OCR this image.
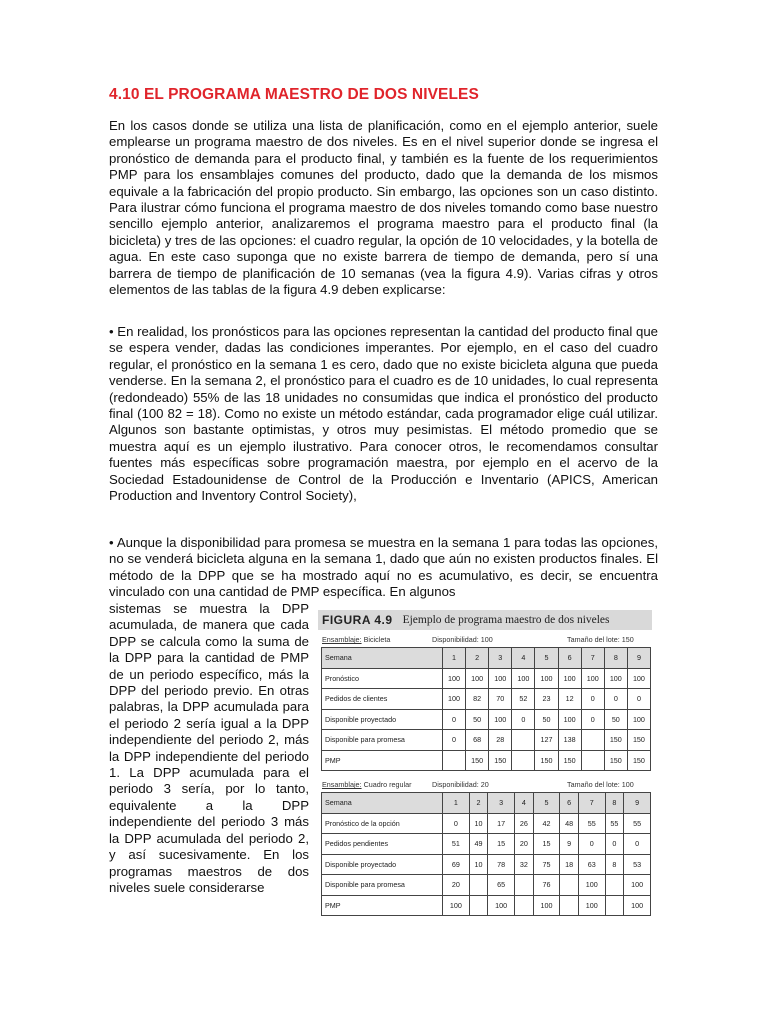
4.10 EL PROGRAMA MAESTRO DE DOS NIVELES

En los casos donde se utiliza una lista de planificación, como en el ejemplo anterior, suele emplearse un programa maestro de dos niveles. Es en el nivel superior donde se ingresa el pronóstico de demanda para el producto final, y también es la fuente de los requerimientos PMP para los ensamblajes comunes del producto, dado que la demanda de los mismos equivale a la fabricación del propio producto. Sin embargo, las opciones son un caso distinto. Para ilustrar cómo funciona el programa maestro de dos niveles tomando como base nuestro sencillo ejemplo anterior, analizaremos el programa maestro para el producto final (la bicicleta) y tres de las opciones: el cuadro regular, la opción de 10 velocidades, y la botella de agua. En este caso suponga que no existe barrera de tiempo de demanda, pero sí una barrera de tiempo de planificación de 10 semanas (vea la figura 4.9). Varias cifras y otros elementos de las tablas de la figura 4.9 deben explicarse:

• En realidad, los pronósticos para las opciones representan la cantidad del producto final que se espera vender, dadas las condiciones imperantes. Por ejemplo, en el caso del cuadro regular, el pronóstico en la semana 1 es cero, dado que no existe bicicleta alguna que pueda venderse. En la semana 2, el pronóstico para el cuadro es de 10 unidades, lo cual representa (redondeado) 55% de las 18 unidades no consumidas que indica el pronóstico del producto final (100 82 = 18). Como no existe un método estándar, cada programador elige cuál utilizar. Algunos son bastante optimistas, y otros muy pesimistas. El método promedio que se muestra aquí es un ejemplo ilustrativo. Para conocer otros, le recomendamos consultar fuentes más específicas sobre programación maestra, por ejemplo en el acervo de la Sociedad Estadounidense de Control de la Producción e Inventario (APICS, American Production and Inventory Control Society),

• Aunque la disponibilidad para promesa se muestra en la semana 1 para todas las opciones, no se venderá bicicleta alguna en la semana 1, dado que aún no existen productos finales. El método de la DPP que se ha mostrado aquí no es acumulativo, es decir, se encuentra vinculado con una cantidad de PMP específica. En algunos

sistemas se muestra la DPP acumulada, de manera que cada DPP se calcula como la suma de la DPP para la cantidad de PMP de un periodo específico, más la DPP del periodo previo. En otras palabras, la DPP acumulada para el periodo 2 sería igual a la DPP independiente del periodo 2, más la DPP independiente del periodo 1. La DPP acumulada para el periodo 3 sería, por lo tanto, equivalente a la DPP independiente del periodo 3 más la DPP acumulada del periodo 2, y así sucesivamente. En los programas maestros de dos niveles suele considerarse

FIGURA 4.9 Ejemplo de programa maestro de dos niveles
Ensamblaje: Bicicleta	Disponibilidad: 100	Tamaño del lote: 150
Semana	1	2	3	4	5	6	7	8	9
Pronóstico	100	100	100	100	100	100	100	100	100
Pedidos de clientes	100	82	70	52	23	12	0	0	0
Disponible proyectado	0	50	100	0	50	100	0	50	100
Disponible para promesa	0	68	28		127	138		150	150
PMP		150	150		150	150		150	150
Ensamblaje: Cuadro regular	Disponibilidad: 20	Tamaño del lote: 100
Semana	1	2	3	4	5	6	7	8	9
Pronóstico de la opción	0	10	17	26	42	48	55	55	55
Pedidos pendientes	51	49	15	20	15	9	0	0	0
Disponible proyectado	69	10	78	32	75	18	63	8	53
Disponible para promesa	20		65		76		100		100
PMP	100		100		100		100		100
